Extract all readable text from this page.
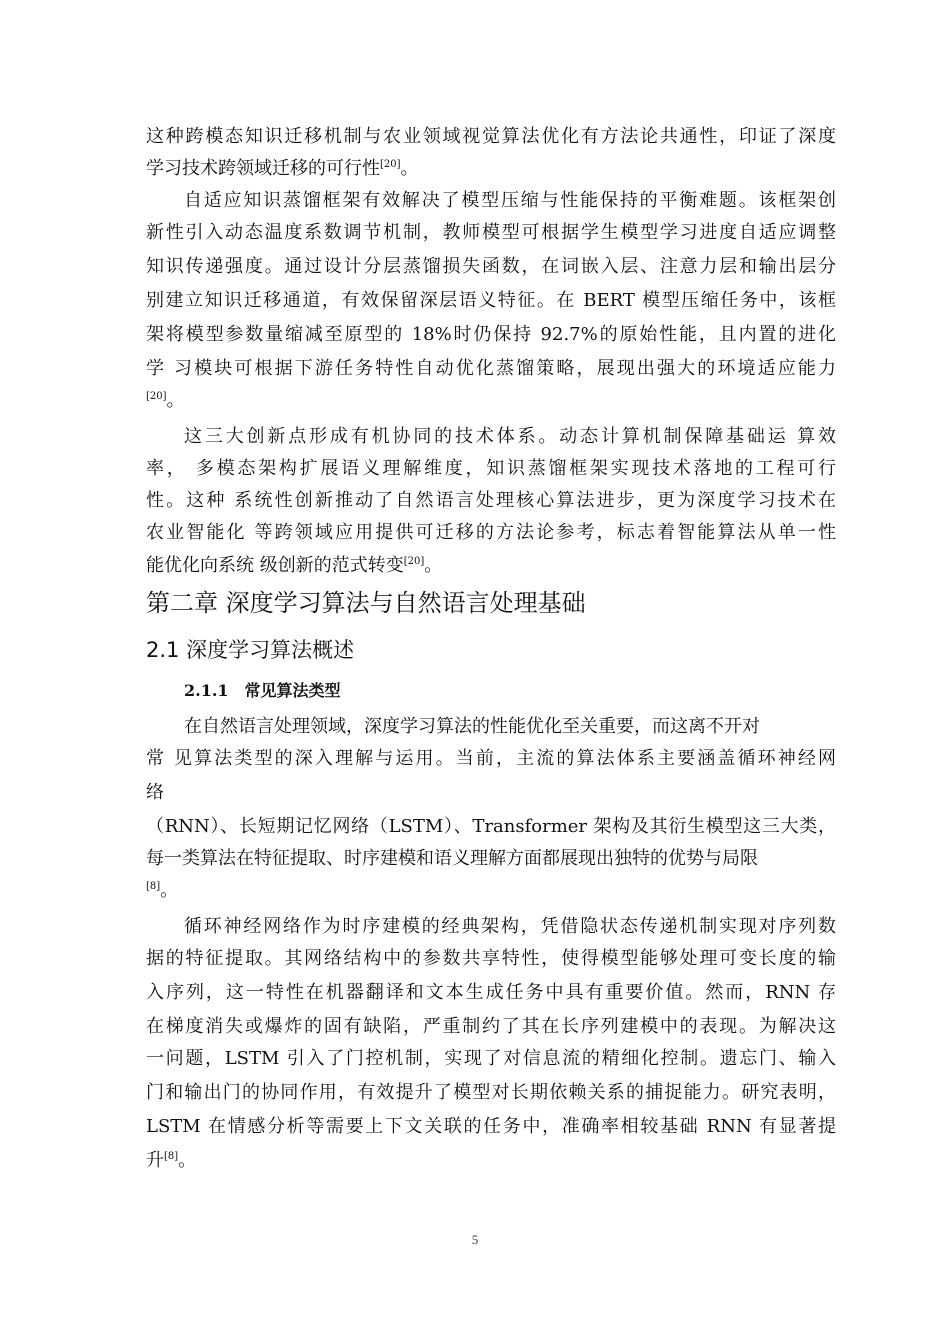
这种跨模态知识迁移机制与农业领域视觉算法优化有方法论共通性，印证了深度

学习技术跨领域迁移的可行性[20]。

自适应知识蒸馏框架有效解决了模型压缩与性能保持的平衡难题。该框架创

新性引入动态温度系数调节机制，教师模型可根据学生模型学习进度自适应调整

知识传递强度。通过设计分层蒸馏损失函数，在词嵌入层、注意力层和输出层分

别建立知识迁移通道，有效保留深层语义特征。在 BERT 模型压缩任务中，该框

架将模型参数量缩减至原型的 18%时仍保持 92.7%的原始性能，且内置的进化

学 习模块可根据下游任务特性自动优化蒸馏策略，展现出强大的环境适应能力

[20]。

这三大创新点形成有机协同的技术体系。动态计算机制保障基础运 算效

率， 多模态架构扩展语义理解维度，知识蒸馏框架实现技术落地的工程可行

性。这种 系统性创新推动了自然语言处理核心算法进步，更为深度学习技术在

农业智能化 等跨领域应用提供可迁移的方法论参考，标志着智能算法从单一性

能优化向系统 级创新的范式转变[20]。

第二章 深度学习算法与自然语言处理基础
2.1 深度学习算法概述
2.1.1　常见算法类型

在自然语言处理领域，深度学习算法的性能优化至关重要，而这离不开对

常 见算法类型的深入理解与运用。当前，主流的算法体系主要涵盖循环神经网

络

（RNN）、长短期记忆网络（LSTM）、Transformer 架构及其衍生模型这三大类，

每一类算法在特征提取、时序建模和语义理解方面都展现出独特的优势与局限

[8]。

循环神经网络作为时序建模的经典架构，凭借隐状态传递机制实现对序列数

据的特征提取。其网络结构中的参数共享特性，使得模型能够处理可变长度的输

入序列，这一特性在机器翻译和文本生成任务中具有重要价值。然而，RNN 存

在梯度消失或爆炸的固有缺陷，严重制约了其在长序列建模中的表现。为解决这

一问题，LSTM 引入了门控机制，实现了对信息流的精细化控制。遗忘门、输入

门和输出门的协同作用，有效提升了模型对长期依赖关系的捕捉能力。研究表明，

LSTM 在情感分析等需要上下文关联的任务中，准确率相较基础 RNN 有显著提

升[8]。

5
